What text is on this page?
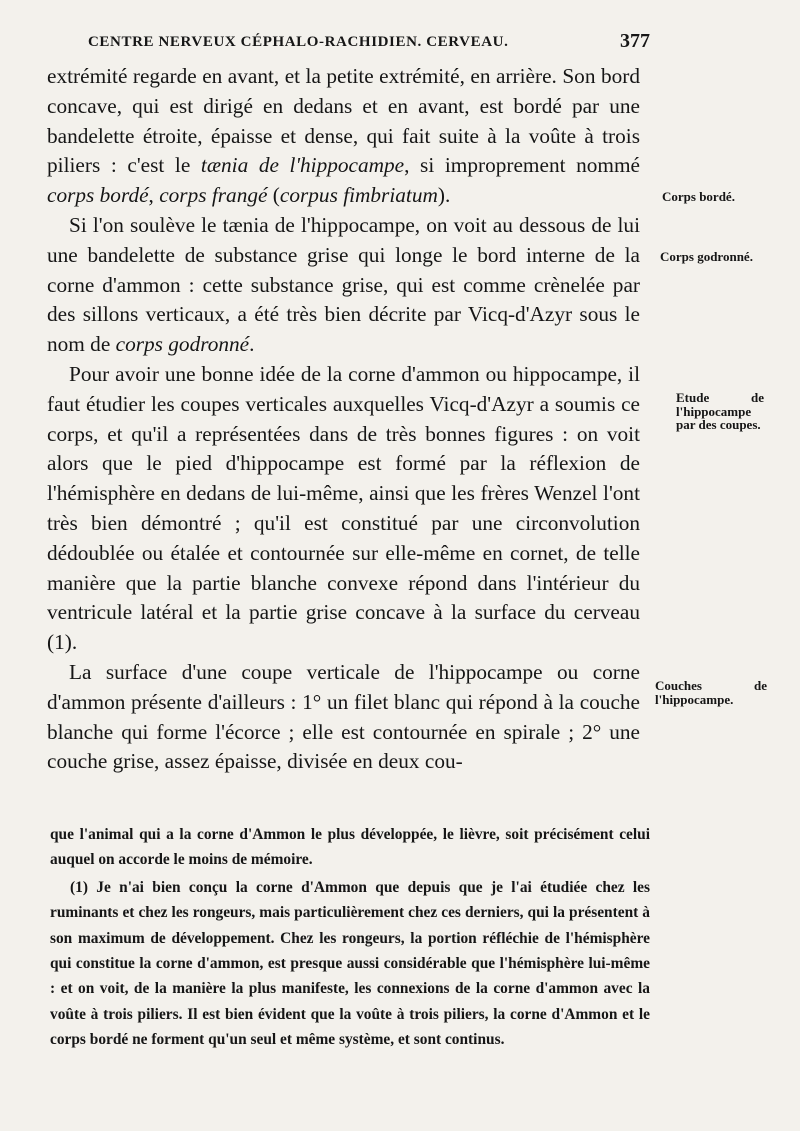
CENTRE NERVEUX CÉPHALO-RACHIDIEN. CERVEAU.	377

extrémité regarde en avant, et la petite extrémité, en arrière. Son bord concave, qui est dirigé en dedans et en avant, est bordé par une bandelette étroite, épaisse et dense, qui fait suite à la voûte à trois piliers : c'est le tænia de l'hippocampe, si improprement nommé corps bordé, corps frangé (corpus fimbriatum).

Si l'on soulève le tænia de l'hippocampe, on voit au dessous de lui une bandelette de substance grise qui longe le bord interne de la corne d'ammon : cette substance grise, qui est comme crènelée par des sillons verticaux, a été très bien décrite par Vicq-d'Azyr sous le nom de corps godronné.

Pour avoir une bonne idée de la corne d'ammon ou hippocampe, il faut étudier les coupes verticales auxquelles Vicq-d'Azyr a soumis ce corps, et qu'il a représentées dans de très bonnes figures : on voit alors que le pied d'hippocampe est formé par la réflexion de l'hémisphère en dedans de lui-même, ainsi que les frères Wenzel l'ont très bien démontré ; qu'il est constitué par une circonvolution dédoublée ou étalée et contournée sur elle-même en cornet, de telle manière que la partie blanche convexe répond dans l'intérieur du ventricule latéral et la partie grise concave à la surface du cerveau (1).

La surface d'une coupe verticale de l'hippocampe ou corne d'ammon présente d'ailleurs : 1° un filet blanc qui répond à la couche blanche qui forme l'écorce ; elle est contournée en spirale ; 2° une couche grise, assez épaisse, divisée en deux cou-

Corps bordé.
Corps godronné.
Etude de l'hippocampe par des coupes.
Couches de l'hippocampe.

que l'animal qui a la corne d'Ammon le plus développée, le lièvre, soit précisément celui auquel on accorde le moins de mémoire.

(1) Je n'ai bien conçu la corne d'Ammon que depuis que je l'ai étudiée chez les ruminants et chez les rongeurs, mais particulièrement chez ces derniers, qui la présentent à son maximum de développement. Chez les rongeurs, la portion réfléchie de l'hémisphère qui constitue la corne d'ammon, est presque aussi considérable que l'hémisphère lui-même : et on voit, de la manière la plus manifeste, les connexions de la corne d'ammon avec la voûte à trois piliers. Il est bien évident que la voûte à trois piliers, la corne d'Ammon et le corps bordé ne forment qu'un seul et même système, et sont continus.
